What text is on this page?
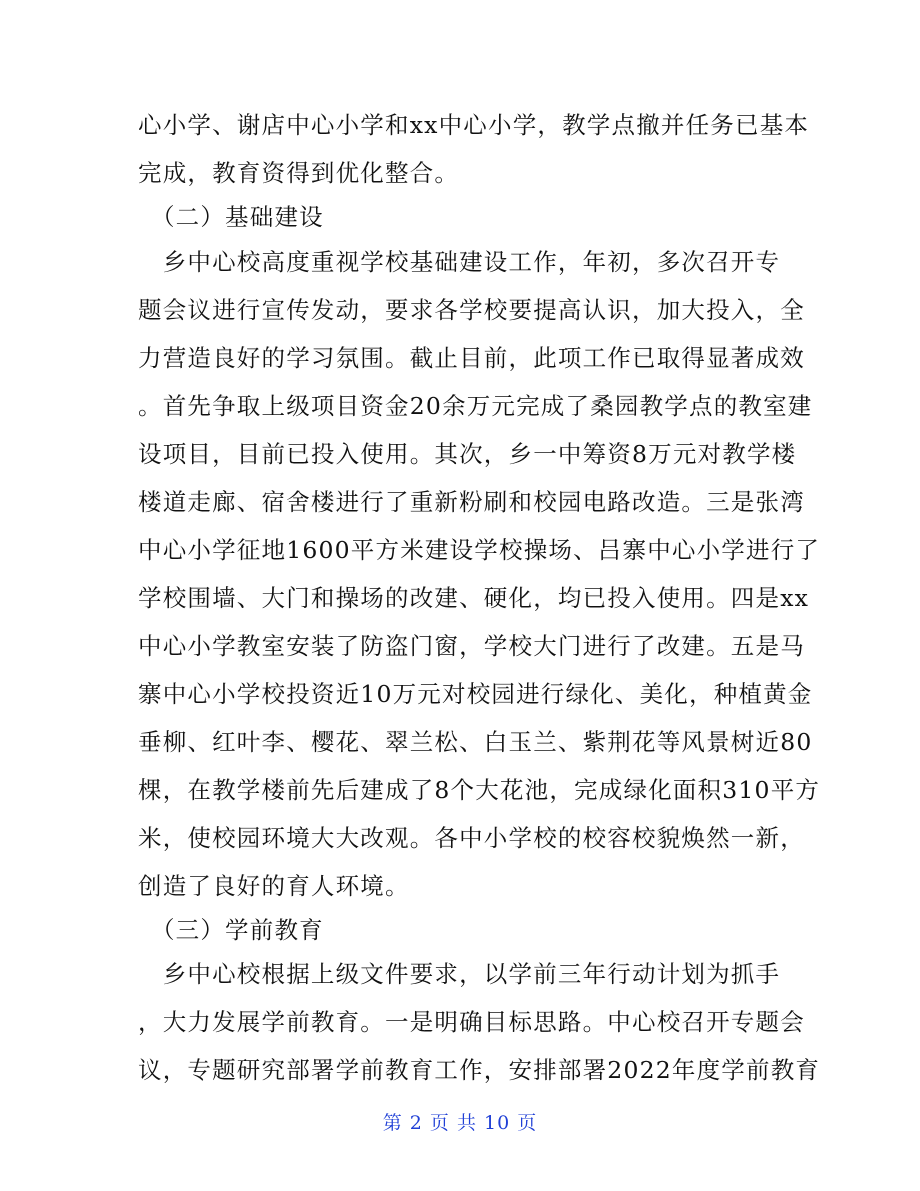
心小学、谢店中心小学和xx中心小学，教学点撤并任务已基本
完成，教育资得到优化整合。
　（二）基础建设
　乡中心校高度重视学校基础建设工作，年初，多次召开专
题会议进行宣传发动，要求各学校要提高认识，加大投入，全
力营造良好的学习氛围。截止目前，此项工作已取得显著成效
。首先争取上级项目资金20余万元完成了桑园教学点的教室建
设项目，目前已投入使用。其次，乡一中筹资8万元对教学楼
楼道走廊、宿舍楼进行了重新粉刷和校园电路改造。三是张湾
中心小学征地1600平方米建设学校操场、吕寨中心小学进行了
学校围墙、大门和操场的改建、硬化，均已投入使用。四是xx
中心小学教室安装了防盗门窗，学校大门进行了改建。五是马
寨中心小学校投资近10万元对校园进行绿化、美化，种植黄金
垂柳、红叶李、樱花、翠兰松、白玉兰、紫荆花等风景树近80
棵，在教学楼前先后建成了8个大花池，完成绿化面积310平方
米，使校园环境大大改观。各中小学校的校容校貌焕然一新，
创造了良好的育人环境。
　（三）学前教育
　乡中心校根据上级文件要求，以学前三年行动计划为抓手
，大力发展学前教育。一是明确目标思路。中心校召开专题会
议，专题研究部署学前教育工作，安排部署2022年度学前教育
第 2 页 共 10 页
